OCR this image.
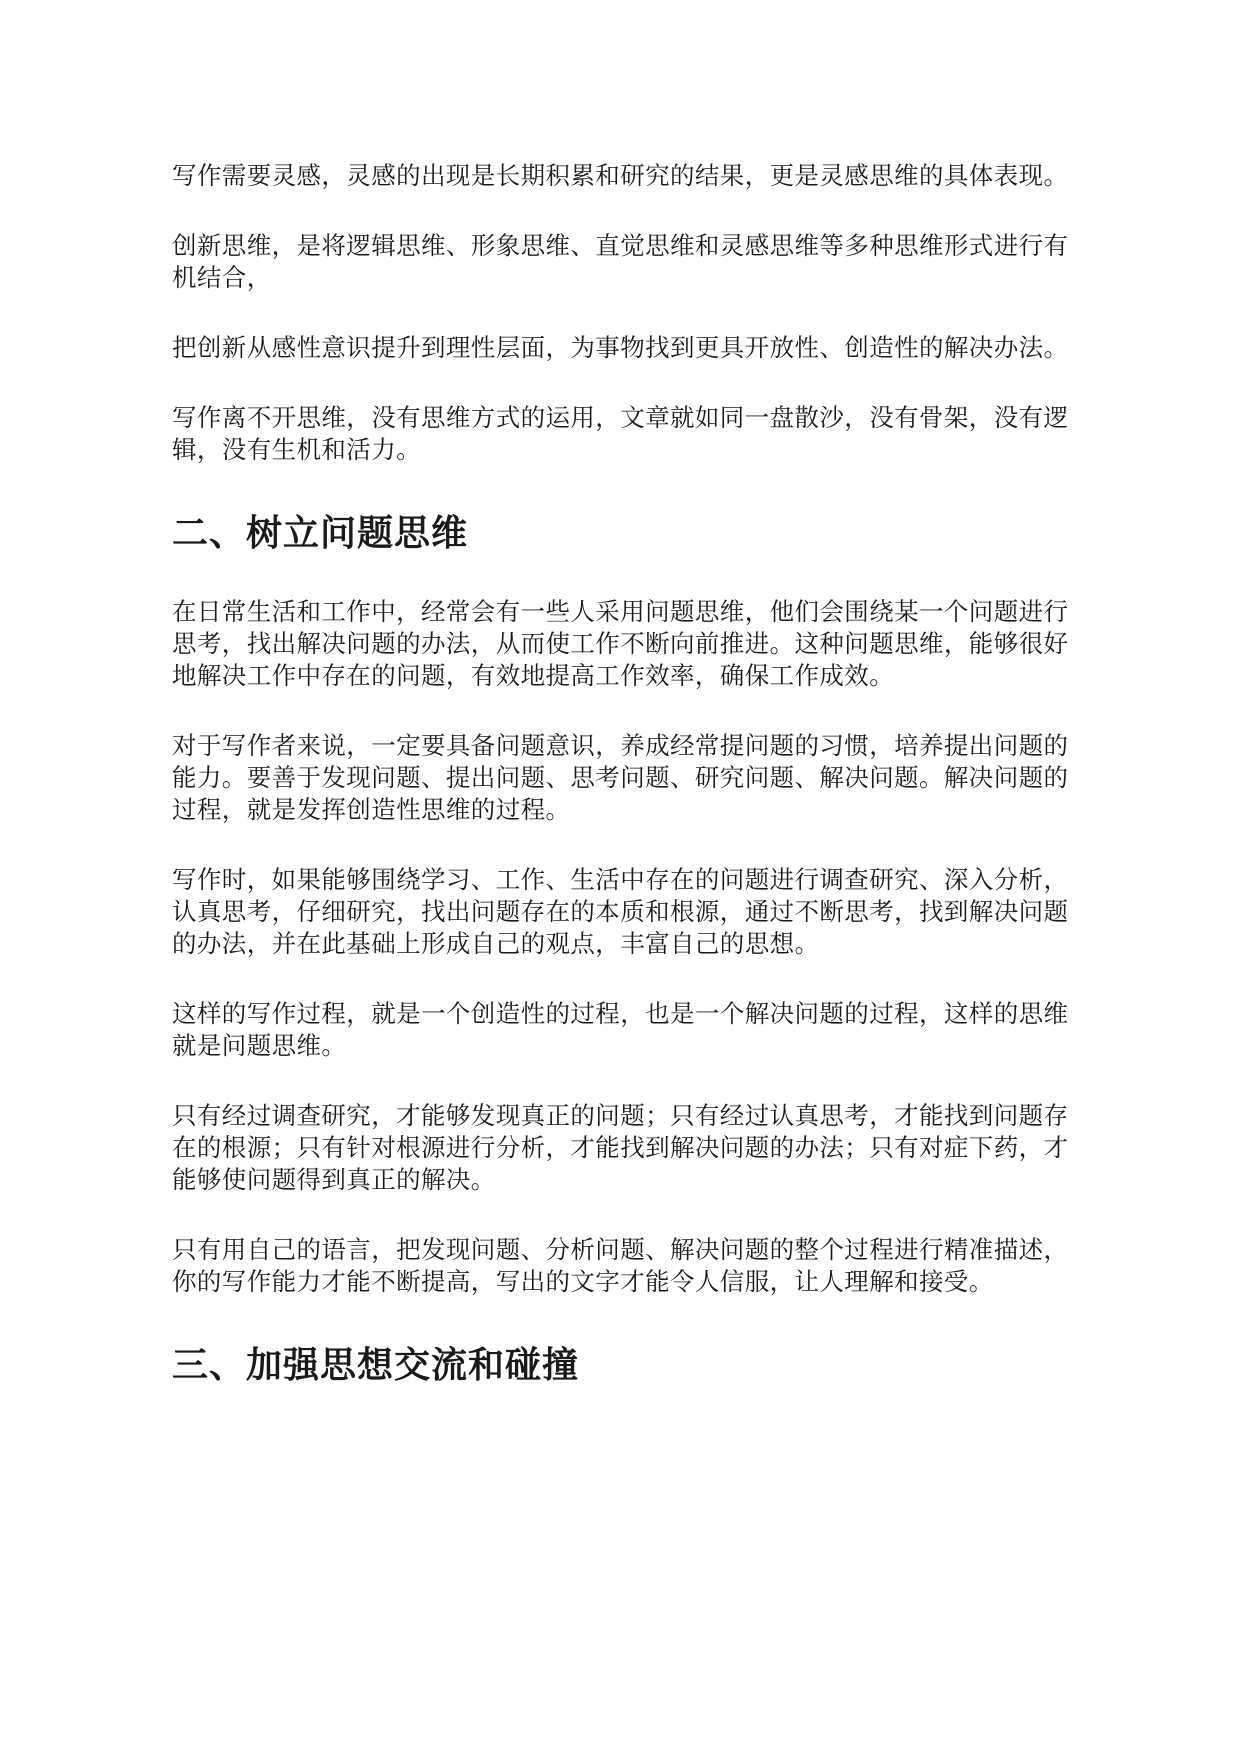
写作需要灵感，灵感的出现是长期积累和研究的结果，更是灵感思维的具体表现。

创新思维，是将逻辑思维、形象思维、直觉思维和灵感思维等多种思维形式进行有机结合，

把创新从感性意识提升到理性层面，为事物找到更具开放性、创造性的解决办法。

写作离不开思维，没有思维方式的运用，文章就如同一盘散沙，没有骨架，没有逻辑，没有生机和活力。

二、树立问题思维

在日常生活和工作中，经常会有一些人采用问题思维，他们会围绕某一个问题进行思考，找出解决问题的办法，从而使工作不断向前推进。这种问题思维，能够很好地解决工作中存在的问题，有效地提高工作效率，确保工作成效。

对于写作者来说，一定要具备问题意识，养成经常提问题的习惯，培养提出问题的能力。要善于发现问题、提出问题、思考问题、研究问题、解决问题。解决问题的过程，就是发挥创造性思维的过程。

写作时，如果能够围绕学习、工作、生活中存在的问题进行调查研究、深入分析，认真思考，仔细研究，找出问题存在的本质和根源，通过不断思考，找到解决问题的办法，并在此基础上形成自己的观点，丰富自己的思想。

这样的写作过程，就是一个创造性的过程，也是一个解决问题的过程，这样的思维就是问题思维。

只有经过调查研究，才能够发现真正的问题；只有经过认真思考，才能找到问题存在的根源；只有针对根源进行分析，才能找到解决问题的办法；只有对症下药，才能够使问题得到真正的解决。

只有用自己的语言，把发现问题、分析问题、解决问题的整个过程进行精准描述，你的写作能力才能不断提高，写出的文字才能令人信服，让人理解和接受。

三、加强思想交流和碰撞
